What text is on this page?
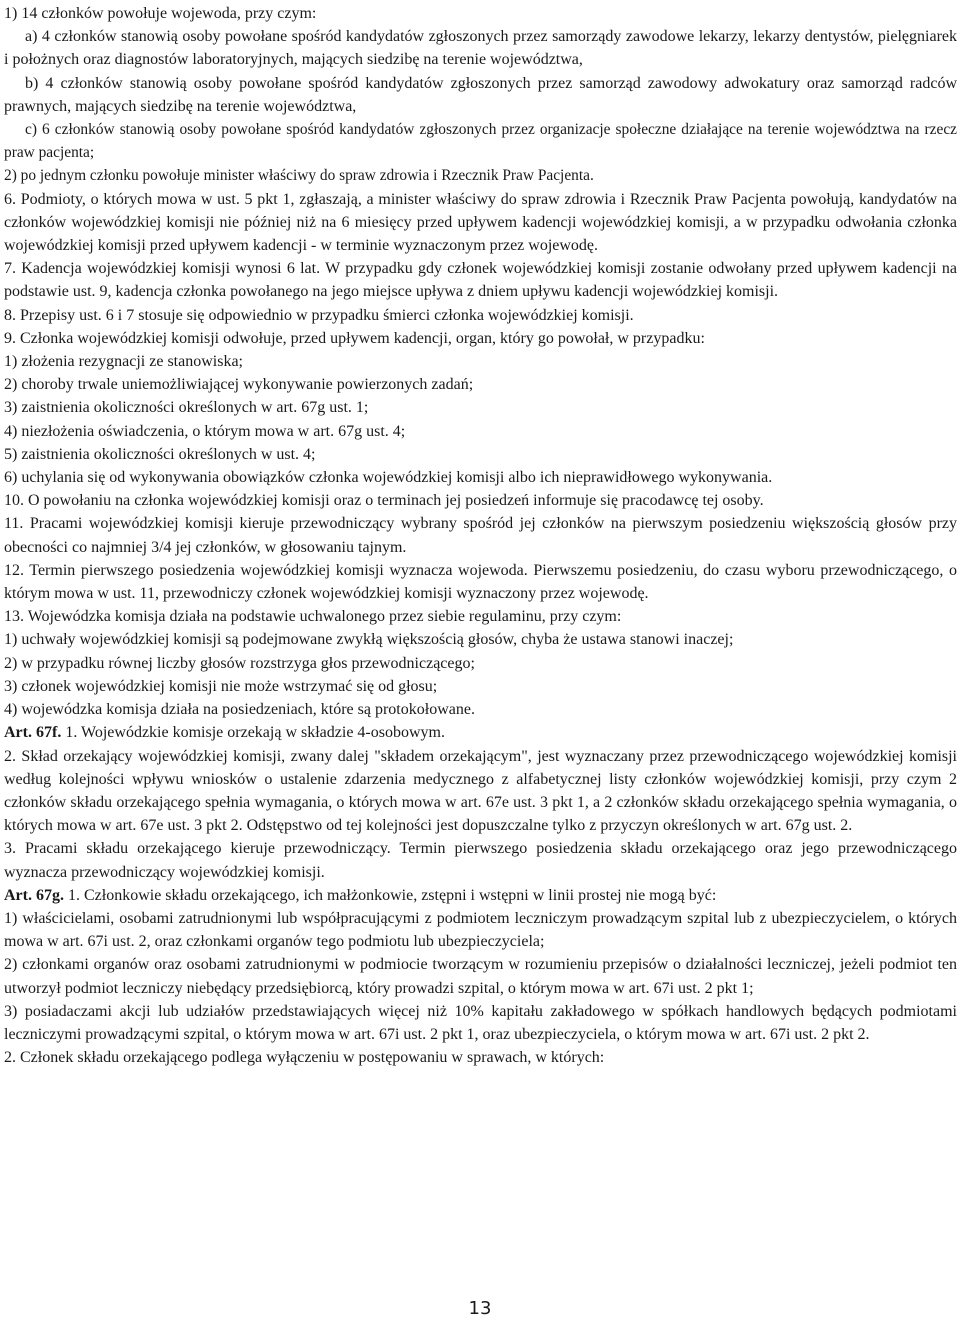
1) 14 członków powołuje wojewoda, przy czym:

a) 4 członków stanowią osoby powołane spośród kandydatów zgłoszonych przez samorządy zawodowe lekarzy, lekarzy dentystów, pielęgniarek i położnych oraz diagnostów laboratoryjnych, mających siedzibę na terenie województwa,

b) 4 członków stanowią osoby powołane spośród kandydatów zgłoszonych przez samorząd zawodowy adwokatury oraz samorząd radców prawnych, mających siedzibę na terenie województwa,

c) 6 członków stanowią osoby powołane spośród kandydatów zgłoszonych przez organizacje społeczne działające na terenie województwa na rzecz praw pacjenta;

2) po jednym członku powołuje minister właściwy do spraw zdrowia i Rzecznik Praw Pacjenta.

6. Podmioty, o których mowa w ust. 5 pkt 1, zgłaszają, a minister właściwy do spraw zdrowia i Rzecznik Praw Pacjenta powołują, kandydatów na członków wojewódzkiej komisji nie później niż na 6 miesięcy przed upływem kadencji wojewódzkiej komisji, a w przypadku odwołania członka wojewódzkiej komisji przed upływem kadencji - w terminie wyznaczonym przez wojewodę.

7. Kadencja wojewódzkiej komisji wynosi 6 lat. W przypadku gdy członek wojewódzkiej komisji zostanie odwołany przed upływem kadencji na podstawie ust. 9, kadencja członka powołanego na jego miejsce upływa z dniem upływu kadencji wojewódzkiej komisji.

8. Przepisy ust. 6 i 7 stosuje się odpowiednio w przypadku śmierci członka wojewódzkiej komisji.

9. Członka wojewódzkiej komisji odwołuje, przed upływem kadencji, organ, który go powołał, w przypadku:

1) złożenia rezygnacji ze stanowiska;

2) choroby trwale uniemożliwiającej wykonywanie powierzonych zadań;

3) zaistnienia okoliczności określonych w art. 67g ust. 1;

4) niezłożenia oświadczenia, o którym mowa w art. 67g ust. 4;

5) zaistnienia okoliczności określonych w ust. 4;

6) uchylania się od wykonywania obowiązków członka wojewódzkiej komisji albo ich nieprawidłowego wykonywania.

10. O powołaniu na członka wojewódzkiej komisji oraz o terminach jej posiedzeń informuje się pracodawcę tej osoby.

11. Pracami wojewódzkiej komisji kieruje przewodniczący wybrany spośród jej członków na pierwszym posiedzeniu większością głosów przy obecności co najmniej 3/4 jej członków, w głosowaniu tajnym.

12. Termin pierwszego posiedzenia wojewódzkiej komisji wyznacza wojewoda. Pierwszemu posiedzeniu, do czasu wyboru przewodniczącego, o którym mowa w ust. 11, przewodniczy członek wojewódzkiej komisji wyznaczony przez wojewodę.

13. Wojewódzka komisja działa na podstawie uchwalonego przez siebie regulaminu, przy czym:

1) uchwały wojewódzkiej komisji są podejmowane zwykłą większością głosów, chyba że ustawa stanowi inaczej;

2) w przypadku równej liczby głosów rozstrzyga głos przewodniczącego;

3) członek wojewódzkiej komisji nie może wstrzymać się od głosu;

4) wojewódzka komisja działa na posiedzeniach, które są protokołowane.

Art. 67f. 1. Wojewódzkie komisje orzekają w składzie 4-osobowym.

2. Skład orzekający wojewódzkiej komisji, zwany dalej "składem orzekającym", jest wyznaczany przez przewodniczącego wojewódzkiej komisji według kolejności wpływu wniosków o ustalenie zdarzenia medycznego z alfabetycznej listy członków wojewódzkiej komisji, przy czym 2 członków składu orzekającego spełnia wymagania, o których mowa w art. 67e ust. 3 pkt 1, a 2 członków składu orzekającego spełnia wymagania, o których mowa w art. 67e ust. 3 pkt 2. Odstępstwo od tej kolejności jest dopuszczalne tylko z przyczyn określonych w art. 67g ust. 2.

3. Pracami składu orzekającego kieruje przewodniczący. Termin pierwszego posiedzenia składu orzekającego oraz jego przewodniczącego wyznacza przewodniczący wojewódzkiej komisji.

Art. 67g. 1. Członkowie składu orzekającego, ich małżonkowie, zstępni i wstępni w linii prostej nie mogą być:

1) właścicielami, osobami zatrudnionymi lub współpracującymi z podmiotem leczniczym prowadzącym szpital lub z ubezpieczycielem, o których mowa w art. 67i ust. 2, oraz członkami organów tego podmiotu lub ubezpieczyciela;

2) członkami organów oraz osobami zatrudnionymi w podmiocie tworzącym w rozumieniu przepisów o działalności leczniczej, jeżeli podmiot ten utworzył podmiot leczniczy niebędący przedsiębiorcą, który prowadzi szpital, o którym mowa w art. 67i ust. 2 pkt 1;

3) posiadaczami akcji lub udziałów przedstawiających więcej niż 10% kapitału zakładowego w spółkach handlowych będących podmiotami leczniczymi prowadzącymi szpital, o którym mowa w art. 67i ust. 2 pkt 1, oraz ubezpieczyciela, o którym mowa w art. 67i ust. 2 pkt 2.

2. Członek składu orzekającego podlega wyłączeniu w postępowaniu w sprawach, w których:

13
